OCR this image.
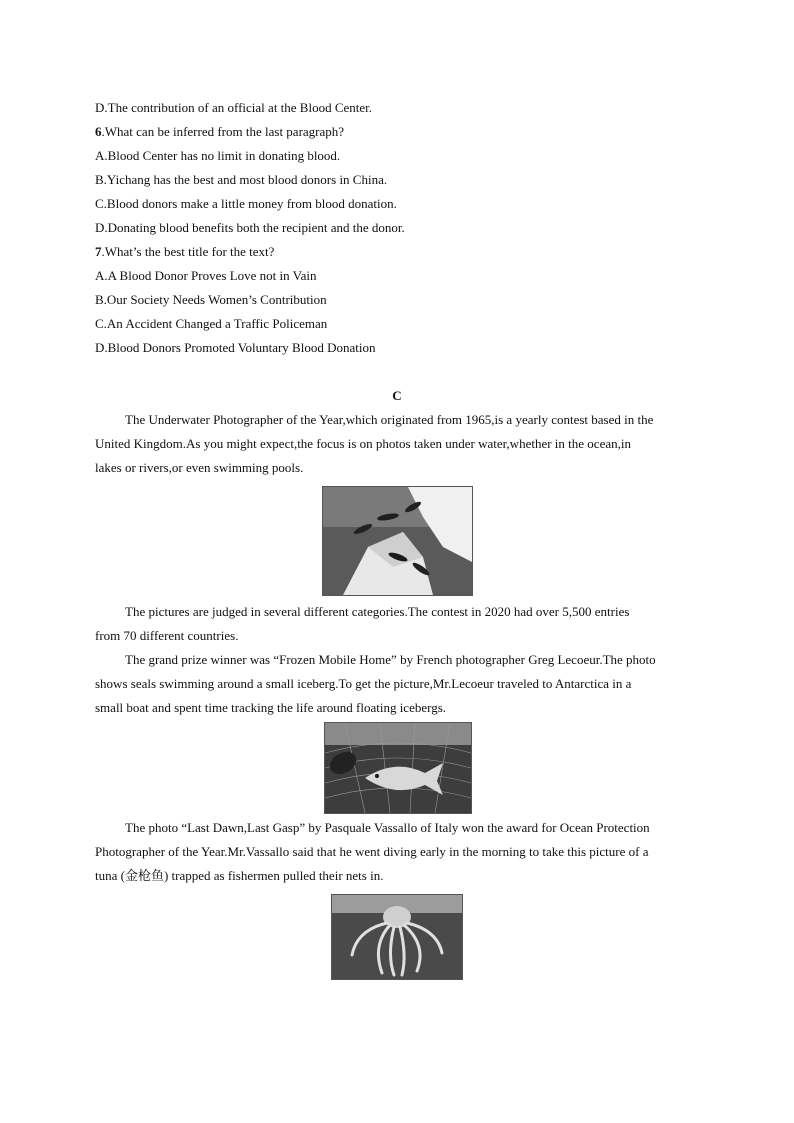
D.The contribution of an official at the Blood Center.
6.What can be inferred from the last paragraph?
A.Blood Center has no limit in donating blood.
B.Yichang has the best and most blood donors in China.
C.Blood donors make a little money from blood donation.
D.Donating blood benefits both the recipient and the donor.
7.What’s the best title for the text?
A.A Blood Donor Proves Love not in Vain
B.Our Society Needs Women’s Contribution
C.An Accident Changed a Traffic Policeman
D.Blood Donors Promoted Voluntary Blood Donation
C
The Underwater Photographer of the Year,which originated from 1965,is a yearly contest based in the
United Kingdom.As you might expect,the focus is on photos taken under water,whether in the ocean,in
lakes or rivers,or even swimming pools.
The pictures are judged in several different categories.The contest in 2020 had over 5,500 entries
from 70 different countries.
The grand prize winner was “Frozen Mobile Home” by French photographer Greg Lecoeur.The photo
shows seals swimming around a small iceberg.To get the picture,Mr.Lecoeur traveled to Antarctica in a
small boat and spent time tracking the life around floating icebergs.
The photo “Last Dawn,Last Gasp” by Pasquale Vassallo of Italy won the award for Ocean Protection
Photographer of the Year.Mr.Vassallo said that he went diving early in the morning to take this picture of a
tuna (金枪鱼) trapped as fishermen pulled their nets in.
